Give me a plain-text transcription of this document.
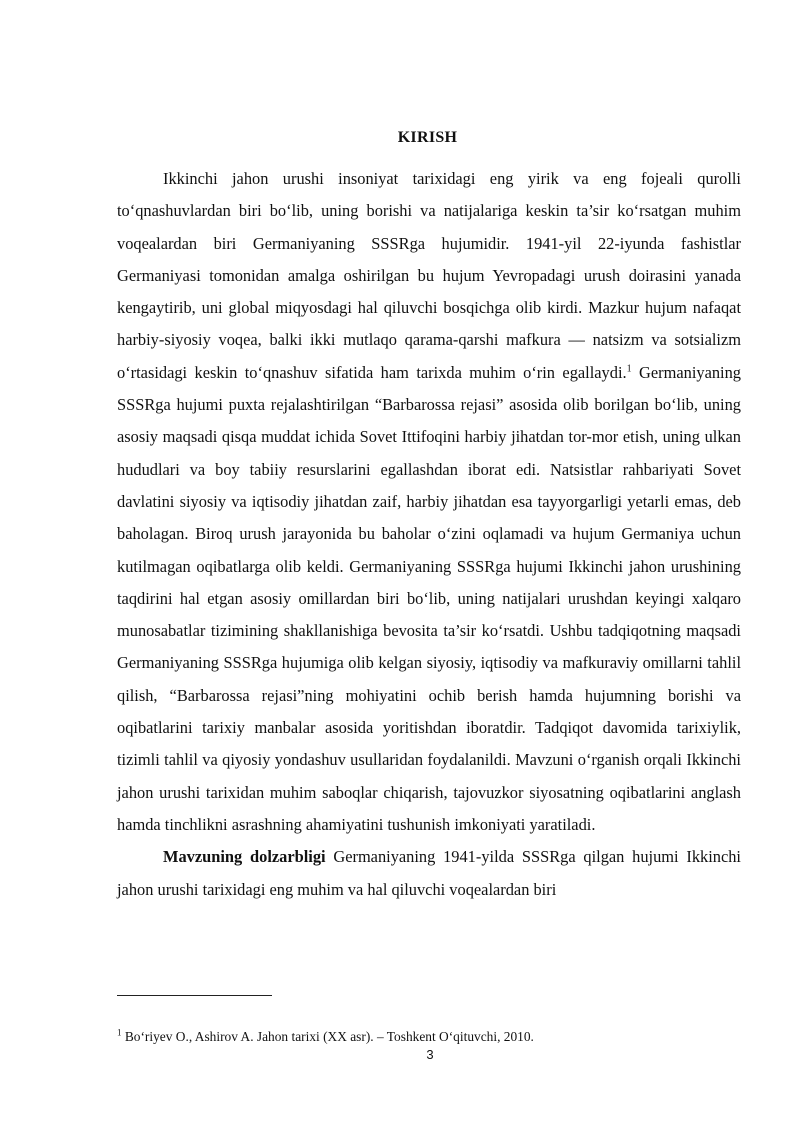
KIRISH

Ikkinchi jahon urushi insoniyat tarixidagi eng yirik va eng fojeali qurolli to‘qnashuvlardan biri bo‘lib, uning borishi va natijalariga keskin ta’sir ko‘rsatgan muhim voqealardan biri Germaniyaning SSSRga hujumidir. 1941-yil 22-iyunda fashistlar Germaniyasi tomonidan amalga oshirilgan bu hujum Yevropadagi urush doirasini yanada kengaytirib, uni global miqyosdagi hal qiluvchi bosqichga olib kirdi. Mazkur hujum nafaqat harbiy-siyosiy voqea, balki ikki mutlaqo qarama-qarshi mafkura — natsizm va sotsializm o‘rtasidagi keskin to‘qnashuv sifatida ham tarixda muhim o‘rin egallaydi.$^1$ Germaniyaning SSSRga hujumi puxta rejalashtirilgan “Barbarossa rejasi” asosida olib borilgan bo‘lib, uning asosiy maqsadi qisqa muddat ichida Sovet Ittifoqini harbiy jihatdan tor-mor etish, uning ulkan hududlari va boy tabiiy resurslarini egallashdan iborat edi. Natsistlar rahbariyati Sovet davlatini siyosiy va iqtisodiy jihatdan zaif, harbiy jihatdan esa tayyorgarligi yetarli emas, deb baholagan. Biroq urush jarayonida bu baholar o‘zini oqlamadi va hujum Germaniya uchun kutilmagan oqibatlarga olib keldi. Germaniyaning SSSRga hujumi Ikkinchi jahon urushining taqdirini hal etgan asosiy omillardan biri bo‘lib, uning natijalari urushdan keyingi xalqaro munosabatlar tizimining shakllanishiga bevosita ta’sir ko‘rsatdi. Ushbu tadqiqotning maqsadi Germaniyaning SSSRga hujumiga olib kelgan siyosiy, iqtisodiy va mafkuraviy omillarni tahlil qilish, “Barbarossa rejasi”ning mohiyatini ochib berish hamda hujumning borishi va oqibatlarini tarixiy manbalar asosida yoritishdan iboratdir. Tadqiqot davomida tarixiylik, tizimli tahlil va qiyosiy yondashuv usullaridan foydalanildi. Mavzuni o‘rganish orqali Ikkinchi jahon urushi tarixidan muhim saboqlar chiqarish, tajovuzkor siyosatning oqibatlarini anglash hamda tinchlikni asrashning ahamiyatini tushunish imkoniyati yaratiladi.

Mavzuning dolzarbligi Germaniyaning 1941-yilda SSSRga qilgan hujumi Ikkinchi jahon urushi tarixidagi eng muhim va hal qiluvchi voqealardan biri

$^1$ Bo‘riyev O., Ashirov A. Jahon tarixi (XX asr). – Toshkent O‘qituvchi, 2010.

3
